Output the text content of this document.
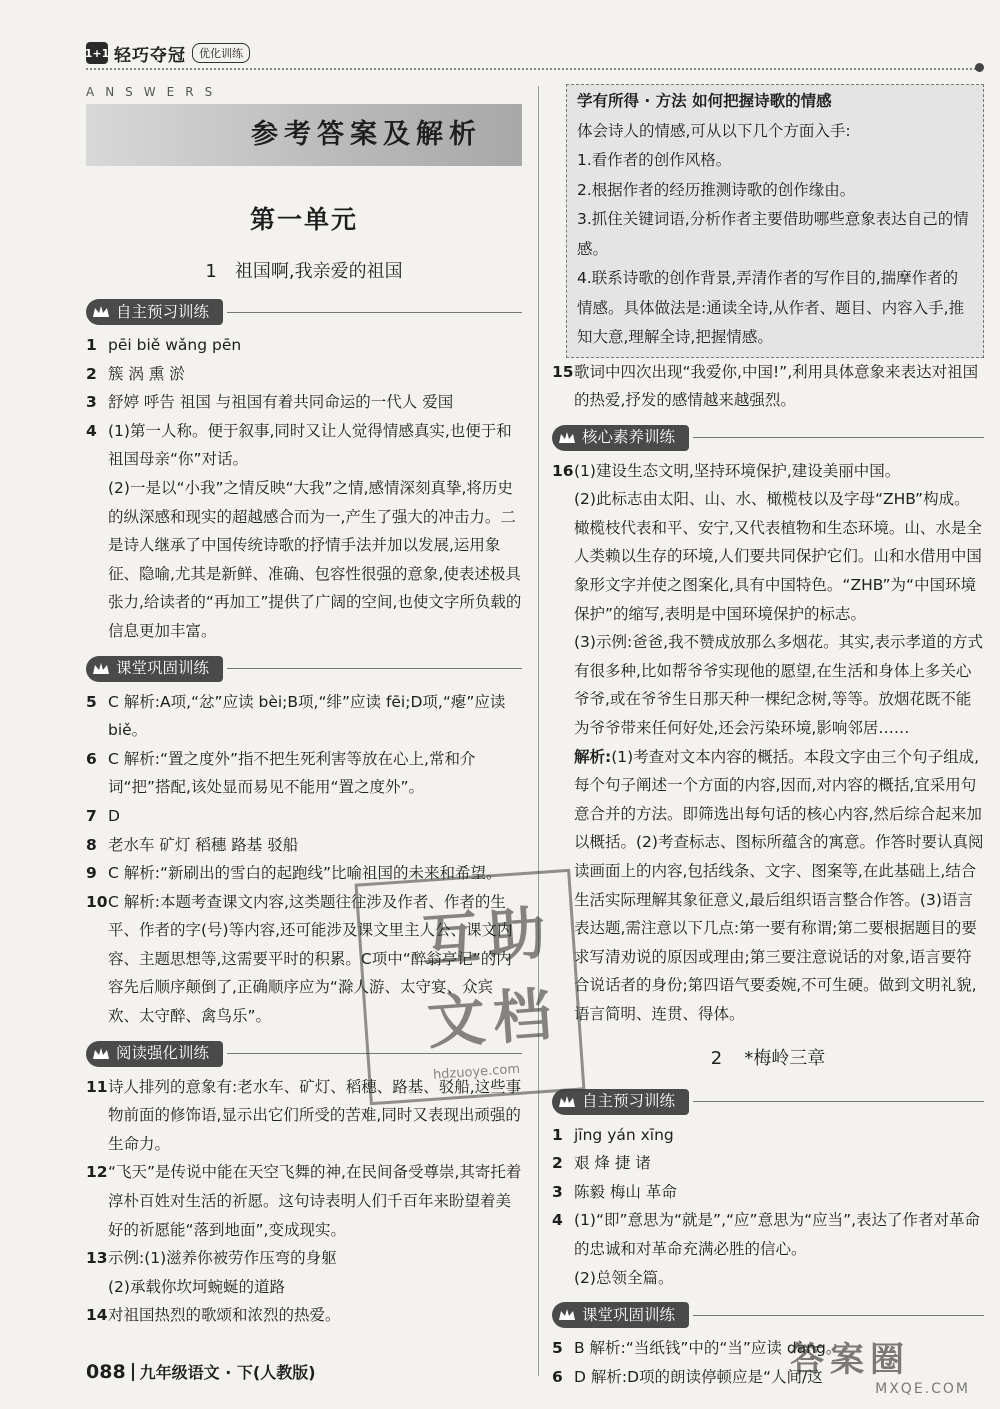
1+1 轻巧夺冠	优化训练
ANSWERS
参考答案及解析
第一单元
1 祖国啊,我亲爱的祖国
自主预习训练
1 pēi biě wǎng pēn
2 簇 涡 熏 淤
3 舒婷 呼告 祖国 与祖国有着共同命运的一代人 爱国
4 (1)第一人称。便于叙事,同时又让人觉得情感真实,也便于和祖国母亲“你”对话。
(2)一是以“小我”之情反映“大我”之情,感情深刻真挚,将历史的纵深感和现实的超越感合而为一,产生了强大的冲击力。二是诗人继承了中国传统诗歌的抒情手法并加以发展,运用象征、隐喻,尤其是新鲜、准确、包容性很强的意象,使表述极具张力,给读者的“再加工”提供了广阔的空间,也使文字所负载的信息更加丰富。
课堂巩固训练
5 C 解析:A项,“忿”应读 bèi;B项,“绯”应读 fēi;D项,“瘪”应读 biě。
6 C 解析:“置之度外”指不把生死利害等放在心上,常和介词“把”搭配,该处显而易见不能用“置之度外”。
7 D
8 老水车 矿灯 稻穗 路基 驳船
9 C 解析:“新刷出的雪白的起跑线”比喻祖国的未来和希望。
10 C 解析:本题考查课文内容,这类题往往涉及作者、作者的生平、作者的字(号)等内容,还可能涉及课文里主人公、课文内容、主题思想等,这需要平时的积累。C项中“醉翁亭记”的内容先后顺序颠倒了,正确顺序应为“滁人游、太守宴、众宾欢、太守醉、禽鸟乐”。
阅读强化训练
11 诗人排列的意象有:老水车、矿灯、稻穗、路基、驳船,这些事物前面的修饰语,显示出它们所受的苦难,同时又表现出顽强的生命力。
12 “飞天”是传说中能在天空飞舞的神,在民间备受尊崇,其寄托着淳朴百姓对生活的祈愿。这句诗表明人们千百年来盼望着美好的祈愿能“落到地面”,变成现实。
13 示例:(1)滋养你被劳作压弯的身躯
(2)承载你坎坷蜿蜒的道路
14 对祖国热烈的歌颂和浓烈的热爱。
学有所得 · 方法 如何把握诗歌的情感
体会诗人的情感,可从以下几个方面入手:
1.看作者的创作风格。
2.根据作者的经历推测诗歌的创作缘由。
3.抓住关键词语,分析作者主要借助哪些意象表达自己的情感。
4.联系诗歌的创作背景,弄清作者的写作目的,揣摩作者的情感。具体做法是:通读全诗,从作者、题目、内容入手,推知大意,理解全诗,把握情感。
15 歌词中四次出现“我爱你,中国!”,利用具体意象来表达对祖国的热爱,抒发的感情越来越强烈。
核心素养训练
16 (1)建设生态文明,坚持环境保护,建设美丽中国。
(2)此标志由太阳、山、水、橄榄枝以及字母“ZHB”构成。橄榄枝代表和平、安宁,又代表植物和生态环境。山、水是全人类赖以生存的环境,人们要共同保护它们。山和水借用中国象形文字并使之图案化,具有中国特色。“ZHB”为“中国环境保护”的缩写,表明是中国环境保护的标志。
(3)示例:爸爸,我不赞成放那么多烟花。其实,表示孝道的方式有很多种,比如帮爷爷实现他的愿望,在生活和身体上多关心爷爷,或在爷爷生日那天种一棵纪念树,等等。放烟花既不能为爷爷带来任何好处,还会污染环境,影响邻居……
解析:(1)考查对文本内容的概括。本段文字由三个句子组成,每个句子阐述一个方面的内容,因而,对内容的概括,宜采用句意合并的方法。即筛选出每句话的核心内容,然后综合起来加以概括。(2)考查标志、图标所蕴含的寓意。作答时要认真阅读画面上的内容,包括线条、文字、图案等,在此基础上,结合生活实际理解其象征意义,最后组织语言整合作答。(3)语言表达题,需注意以下几点:第一要有称谓;第二要根据题目的要求写清劝说的原因或理由;第三要注意说话的对象,语言要符合说话者的身份;第四语气要委婉,不可生硬。做到文明礼貌,语言简明、连贯、得体。
2 *梅岭三章
自主预习训练
1 jīng yán xīng
2 艰 烽 捷 诸
3 陈毅 梅山 革命
4 (1)“即”意思为“就是”,“应”意思为“应当”,表达了作者对革命的忠诚和对革命充满必胜的信心。
(2)总领全篇。
课堂巩固训练
5 B 解析:“当纸钱”中的“当”应读 dàng。
6 D 解析:D项的朗读停顿应是“人间/这
088 九年级语文 · 下(人教版)
互助
文档
hdzuoye.com
答案圈
MXQE.COM
